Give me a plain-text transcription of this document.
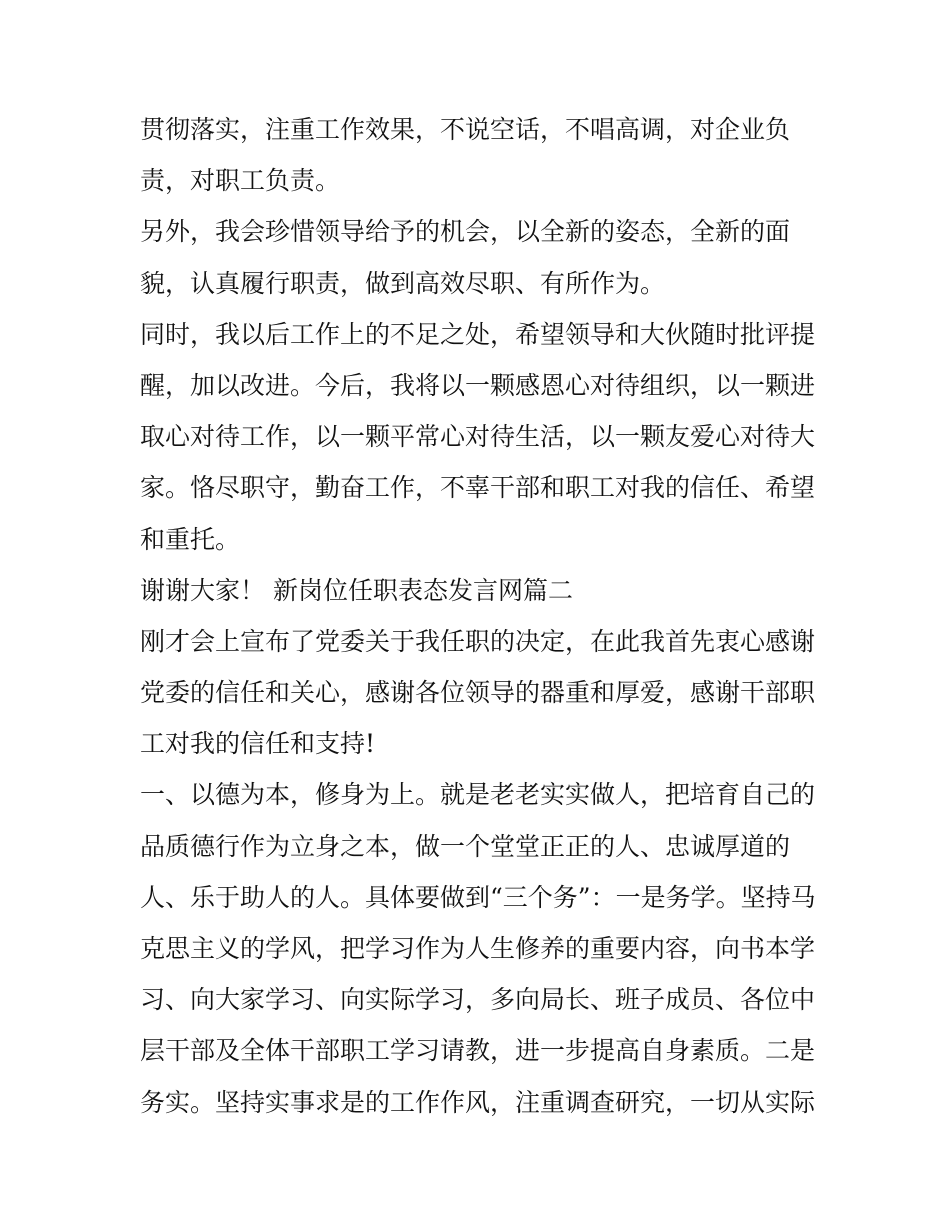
贯彻落实，注重工作效果，不说空话，不唱高调，对企业负
责，对职工负责。
另外，我会珍惜领导给予的机会，以全新的姿态，全新的面
貌，认真履行职责，做到高效尽职、有所作为。
同时，我以后工作上的不足之处，希望领导和大伙随时批评提
醒，加以改进。今后，我将以一颗感恩心对待组织，以一颗进
取心对待工作，以一颗平常心对待生活，以一颗友爱心对待大
家。恪尽职守，勤奋工作，不辜干部和职工对我的信任、希望
和重托。
谢谢大家！ 新岗位任职表态发言网篇二
刚才会上宣布了党委关于我任职的决定，在此我首先衷心感谢
党委的信任和关心，感谢各位领导的器重和厚爱，感谢干部职
工对我的信任和支持!
一、以德为本，修身为上。就是老老实实做人，把培育自己的
品质德行作为立身之本，做一个堂堂正正的人、忠诚厚道的
人、乐于助人的人。具体要做到“三个务”：一是务学。坚持马
克思主义的学风，把学习作为人生修养的重要内容，向书本学
习、向大家学习、向实际学习，多向局长、班子成员、各位中
层干部及全体干部职工学习请教，进一步提高自身素质。二是
务实。坚持实事求是的工作作风，注重调查研究，一切从实际
